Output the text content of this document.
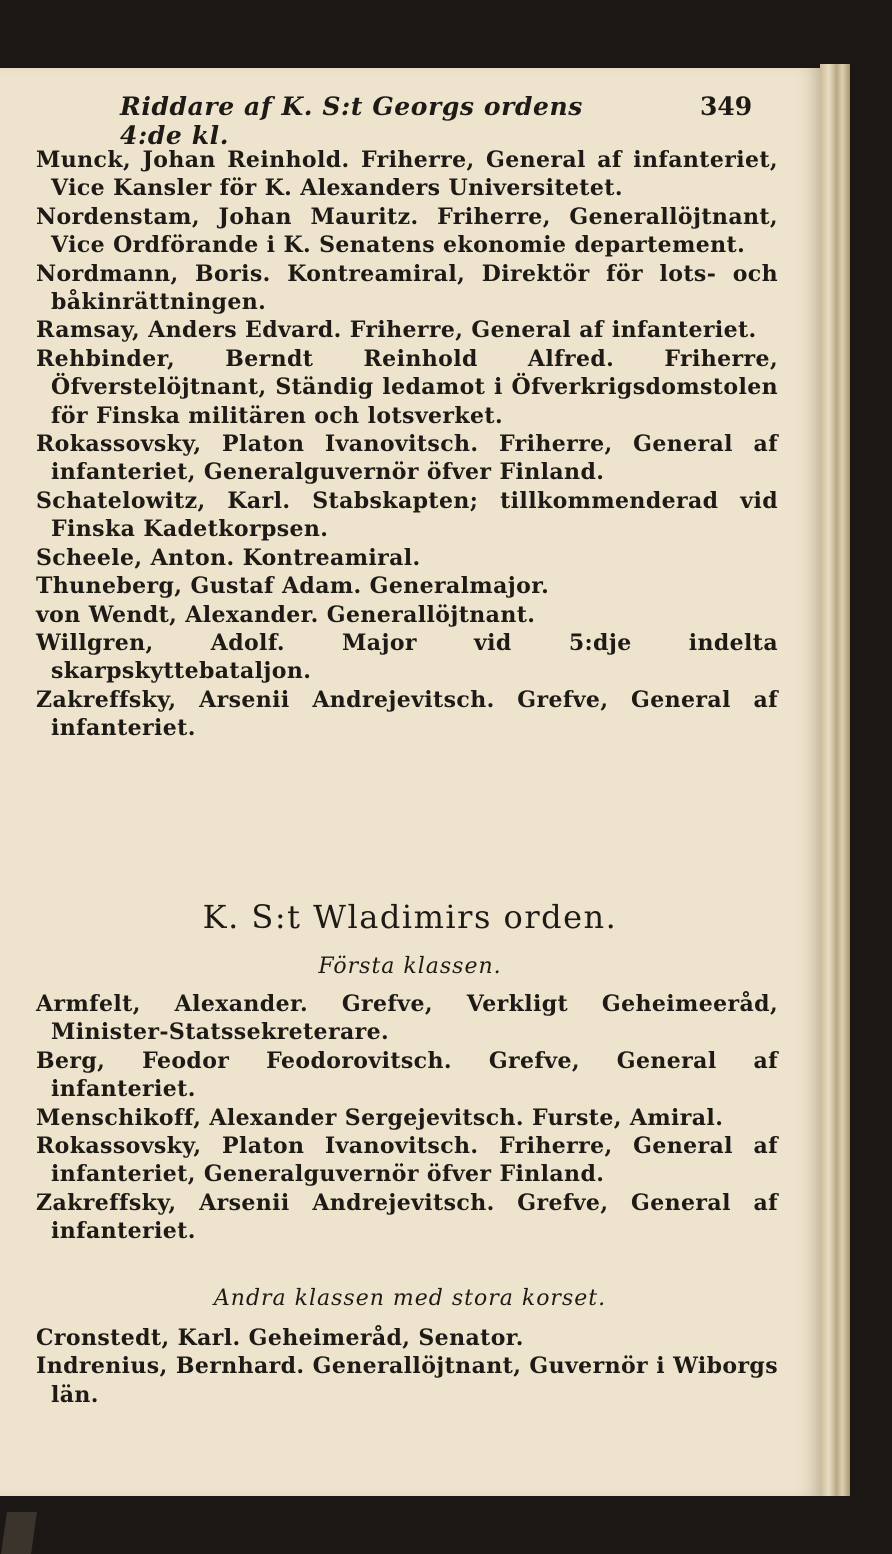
Riddare af K. S:t Georgs ordens 4:de kl.
349

Munck, Johan Reinhold. Friherre, General af infanteriet, Vice Kansler för K. Alexanders Universitetet.

Nordenstam, Johan Mauritz. Friherre, Generallöjtnant, Vice Ordförande i K. Senatens ekonomie departement.

Nordmann, Boris. Kontreamiral, Direktör för lots- och båkinrättningen.

Ramsay, Anders Edvard. Friherre, General af infanteriet.

Rehbinder, Berndt Reinhold Alfred. Friherre, Öfverstelöjtnant, Ständig ledamot i Öfverkrigsdomstolen för Finska militären och lotsverket.

Rokassovsky, Platon Ivanovitsch. Friherre, General af infanteriet, Generalguvernör öfver Finland.

Schatelowitz, Karl. Stabskapten; tillkommenderad vid Finska Kadetkorpsen.

Scheele, Anton. Kontreamiral.

Thuneberg, Gustaf Adam. Generalmajor.

von Wendt, Alexander. Generallöjtnant.

Willgren,	Adolf. Major vid 5:dje indelta skarpskyttebataljon.

Zakreffsky, Arsenii Andrejevitsch. Grefve, General af infanteriet.

K. S:t Wladimirs orden.
Första klassen.

Armfelt, Alexander. Grefve, Verkligt Geheimeeråd, Minister-Statssekreterare.

Berg, Feodor Feodorovitsch. Grefve, General af infanteriet.

Menschikoff, Alexander Sergejevitsch. Furste, Amiral.

Rokassovsky, Platon Ivanovitsch. Friherre, General af infanteriet, Generalguvernör öfver Finland.

Zakreffsky, Arsenii Andrejevitsch. Grefve, General af infanteriet.

Andra klassen med stora korset.

Cronstedt, Karl. Geheimeråd, Senator.

Indrenius, Bernhard. Generallöjtnant, Guvernör i Wiborgs län.
